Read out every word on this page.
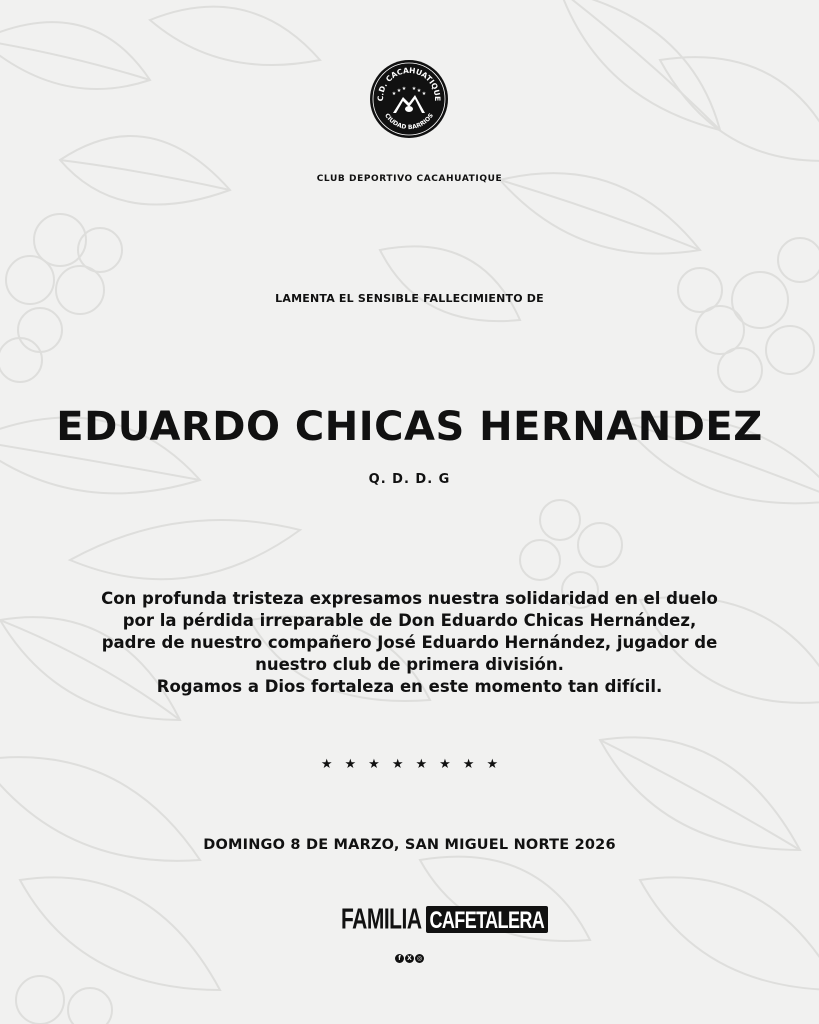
C.D. CACAHUATIQUE
CIUDAD BARRIOS
★ ★ ★ ★ ★ ★
CLUB DEPORTIVO CACAHUATIQUE
LAMENTA EL SENSIBLE FALLECIMIENTO DE
EDUARDO CHICAS HERNANDEZ
Q. D. D. G
Con profunda tristeza expresamos nuestra solidaridad en el duelo
por la pérdida irreparable de Don Eduardo Chicas Hernández,
padre de nuestro compañero José Eduardo Hernández, jugador de
nuestro club de primera división.
Rogamos a Dios fortaleza en este momento tan difícil.
★★★★★★★★
DOMINGO 8 DE MARZO, SAN MIGUEL NORTE 2026
FAMILIA CAFETALERA
f	X ◎
